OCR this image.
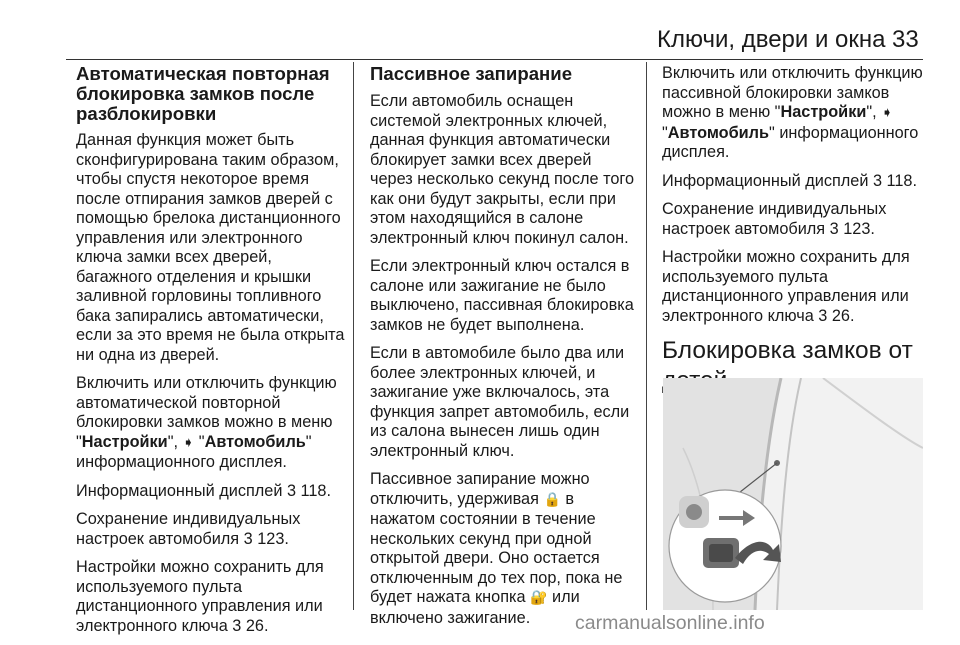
Ключи, двери и окна 33
Автоматическая повторная блокировка замков после разблокировки

Данная функция может быть сконфигурирована таким образом, чтобы спустя некоторое время после отпирания замков дверей с помощью брелока дистанционного управления или электронного ключа замки всех дверей, багажного отделения и крышки заливной горловины топливного бака запирались автоматически, если за это время не была открыта ни одна из дверей.

Включить или отключить функцию автоматической повторной блокировки замков можно в меню "Настройки", ➧ "Автомобиль" информационного дисплея.

Информационный дисплей 3 118.

Сохранение индивидуальных настроек автомобиля 3 123.

Настройки можно сохранить для используемого пульта дистанционного управления или электронного ключа 3 26.

Пассивное запирание

Если автомобиль оснащен системой электронных ключей, данная функция автоматически блокирует замки всех дверей через несколько секунд после того как они будут закрыты, если при этом находящийся в салоне электронный ключ покинул салон.

Если электронный ключ остался в салоне или зажигание не было выключено, пассивная блокировка замков не будет выполнена.

Если в автомобиле было два или более электронных ключей, и зажигание уже включалось, эта функция запрет автомобиль, если из салона вынесен лишь один электронный ключ.

Пассивное запирание можно отключить, удерживая 🔒 в нажатом состоянии в течение нескольких секунд при одной открытой двери. Оно остается отключенным до тех пор, пока не будет нажата кнопка 🔐 или включено зажигание.

Включить или отключить функцию пассивной блокировки замков можно в меню "Настройки", ➧ "Автомобиль" информационного дисплея.

Информационный дисплей 3 118.

Сохранение индивидуальных настроек автомобиля 3 123.

Настройки можно сохранить для используемого пульта дистанционного управления или электронного ключа 3 26.

Блокировка замков от
carmanualsonline.info
